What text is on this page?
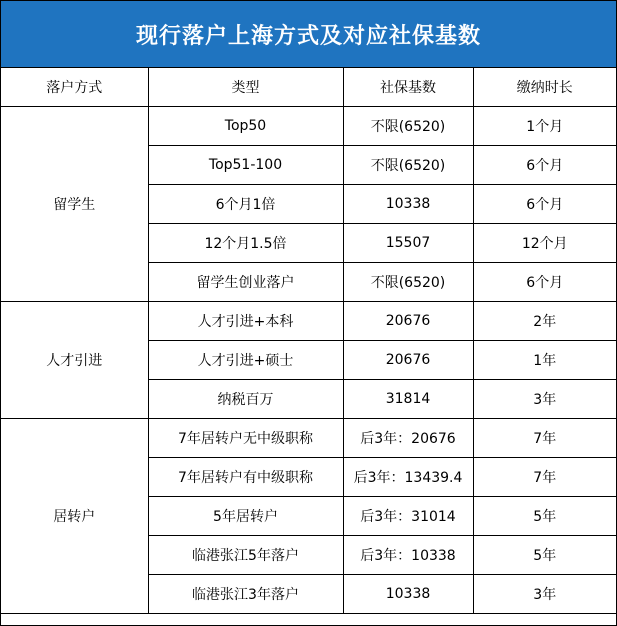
现行落户上海方式及对应社保基数
落户方式	类型	社保基数	缴纳时长
留学生	Top50	不限(6520)	1个月
	Top51-100	不限(6520)	6个月
	6个月1倍	10338	6个月
	12个月1.5倍	15507	12个月
	留学生创业落户	不限(6520)	6个月
人才引进	人才引进+本科	20676	2年
	人才引进+硕士	20676	1年
	纳税百万	31814	3年
居转户	7年居转户无中级职称	后3年：20676	7年
	7年居转户有中级职称	后3年：13439.4	7年
	5年居转户	后3年：31014	5年
	临港张江5年落户	后3年：10338	5年
	临港张江3年落户	10338	3年
